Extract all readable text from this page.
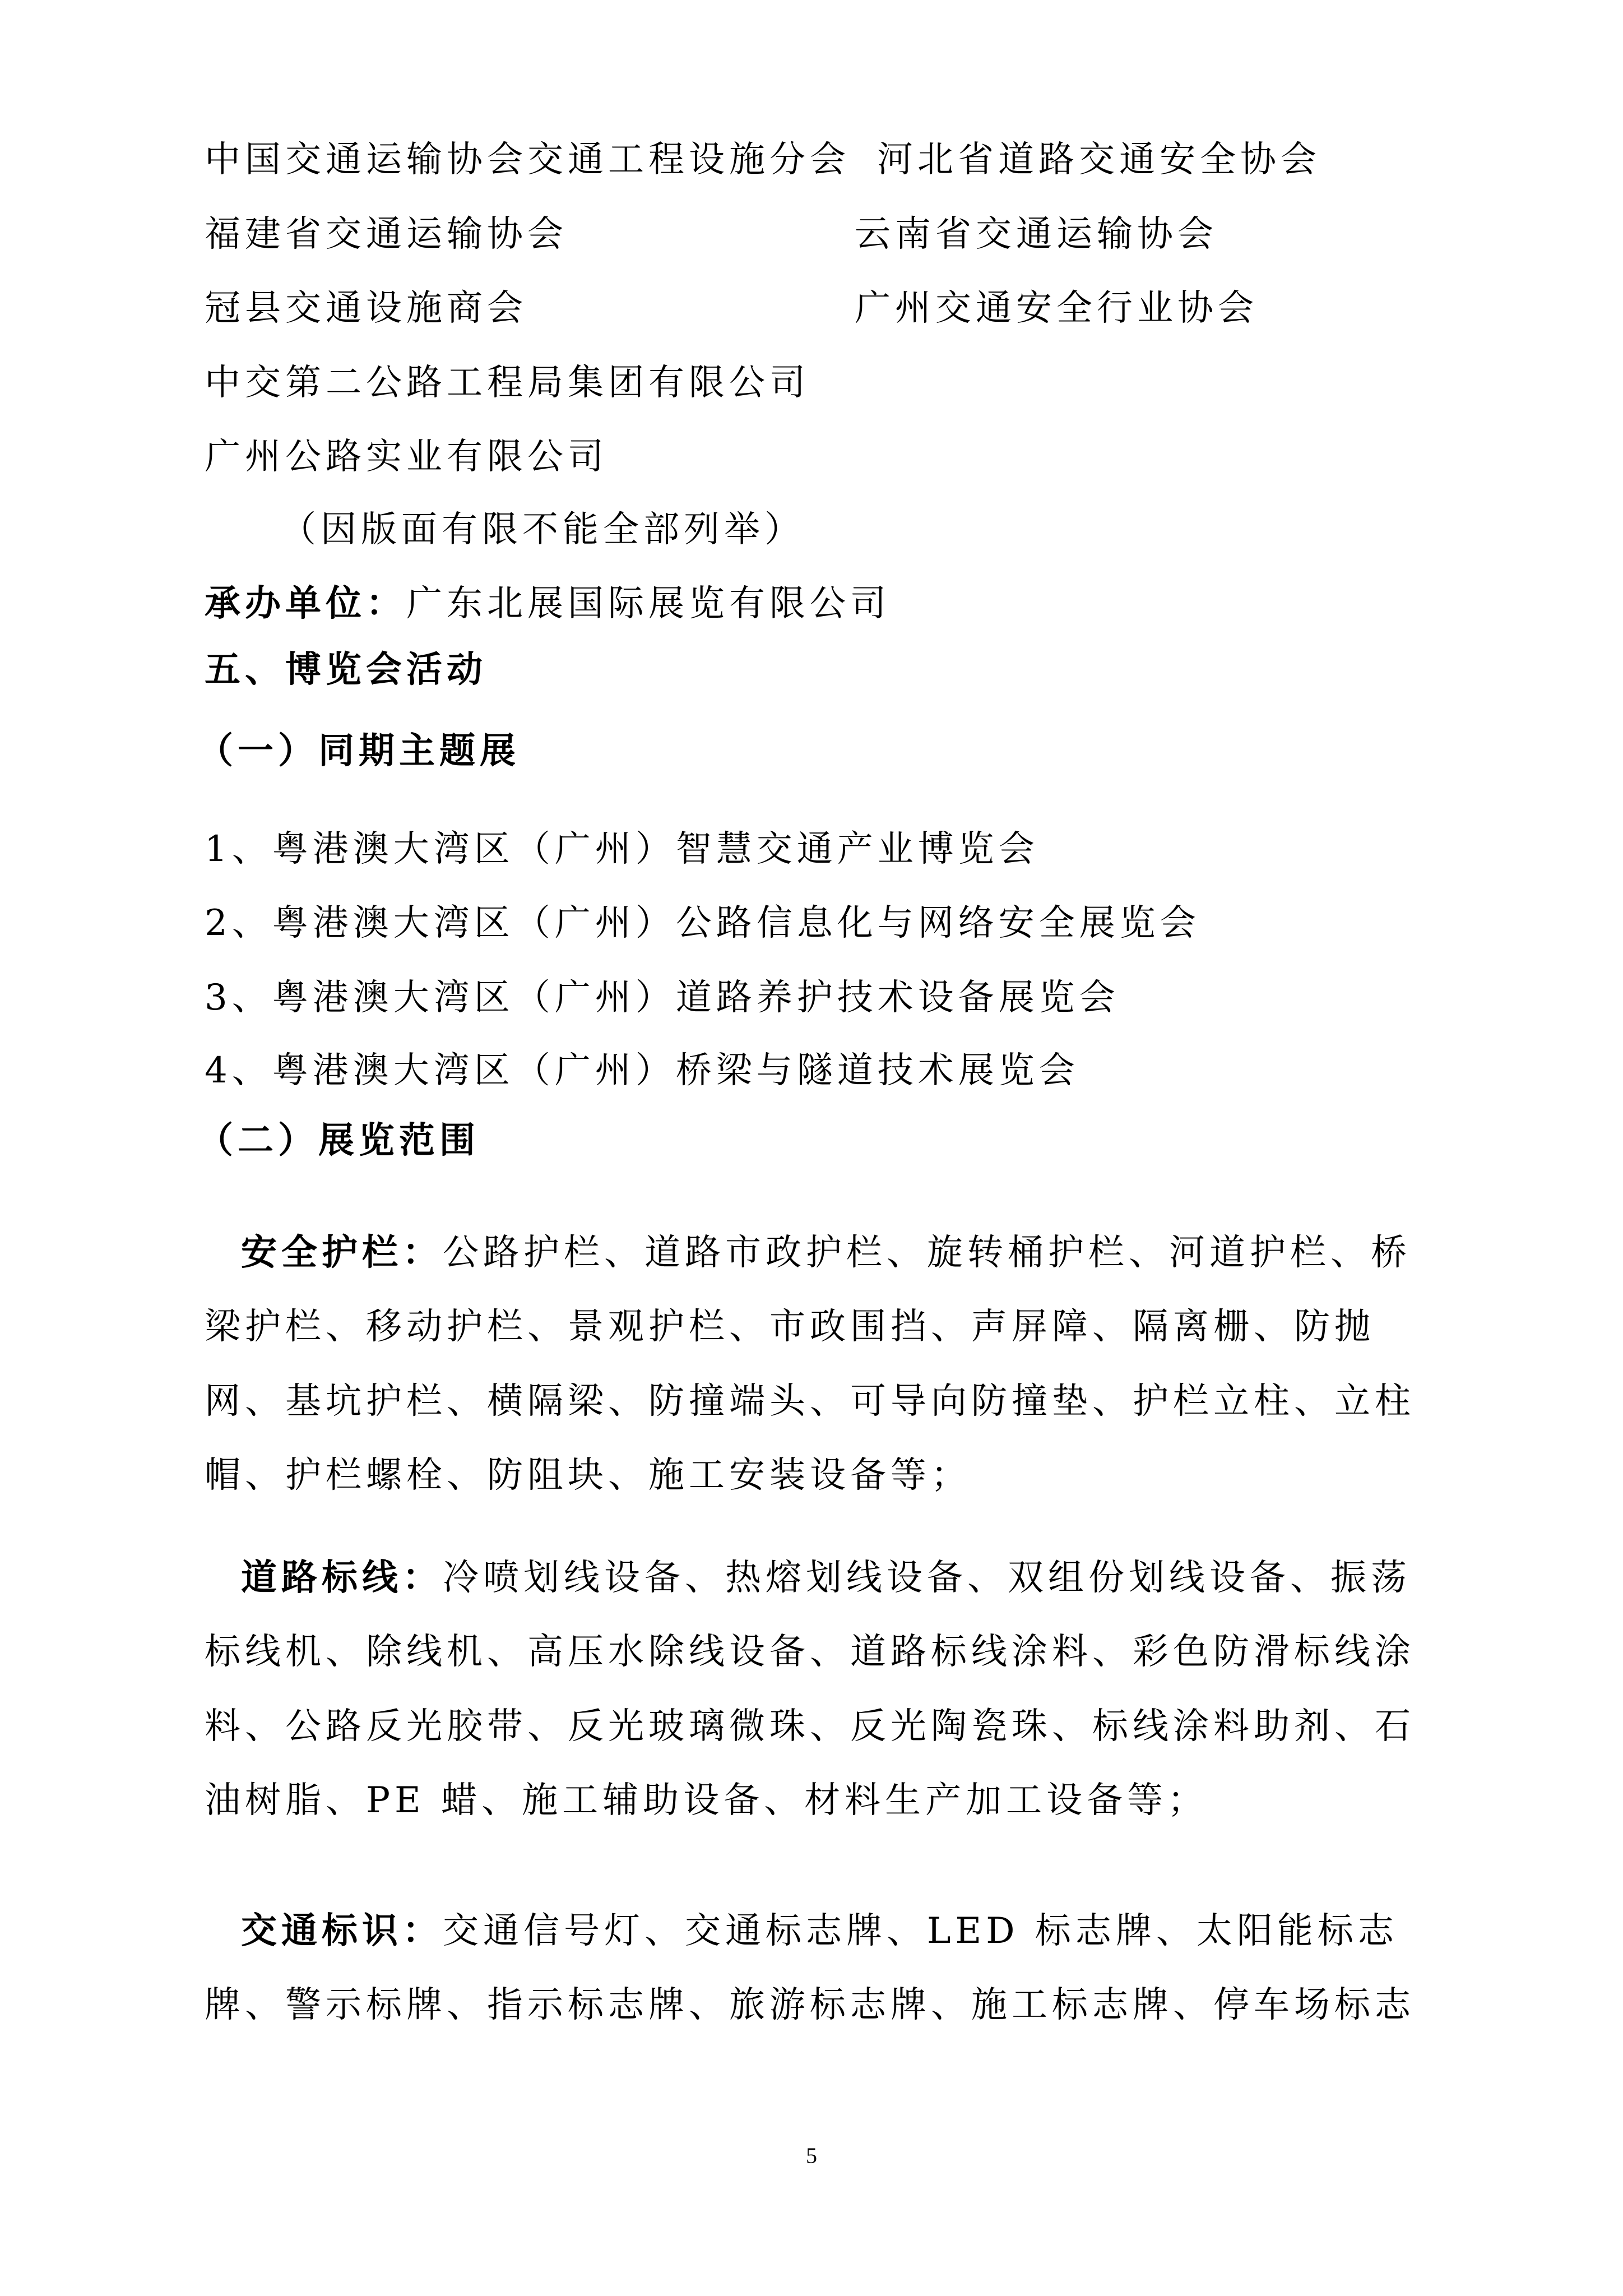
中国交通运输协会交通工程设施分会 河北省道路交通安全协会
福建省交通运输协会	云南省交通运输协会
冠县交通设施商会	广州交通安全行业协会
中交第二公路工程局集团有限公司
广州公路实业有限公司
（因版面有限不能全部列举）
承办单位：广东北展国际展览有限公司
五、博览会活动
（一）同期主题展
1、粤港澳大湾区（广州）智慧交通产业博览会
2、粤港澳大湾区（广州）公路信息化与网络安全展览会
3、粤港澳大湾区（广州）道路养护技术设备展览会
4、粤港澳大湾区（广州）桥梁与隧道技术展览会
（二）展览范围
安全护栏：公路护栏、道路市政护栏、旋转桶护栏、河道护栏、桥
梁护栏、移动护栏、景观护栏、市政围挡、声屏障、隔离栅、防抛
网、基坑护栏、横隔梁、防撞端头、可导向防撞垫、护栏立柱、立柱
帽、护栏螺栓、防阻块、施工安装设备等；
道路标线：冷喷划线设备、热熔划线设备、双组份划线设备、振荡
标线机、除线机、高压水除线设备、道路标线涂料、彩色防滑标线涂
料、公路反光胶带、反光玻璃微珠、反光陶瓷珠、标线涂料助剂、石
油树脂、PE 蜡、施工辅助设备、材料生产加工设备等；
交通标识：交通信号灯、交通标志牌、LED 标志牌、太阳能标志
牌、警示标牌、指示标志牌、旅游标志牌、施工标志牌、停车场标志
5
